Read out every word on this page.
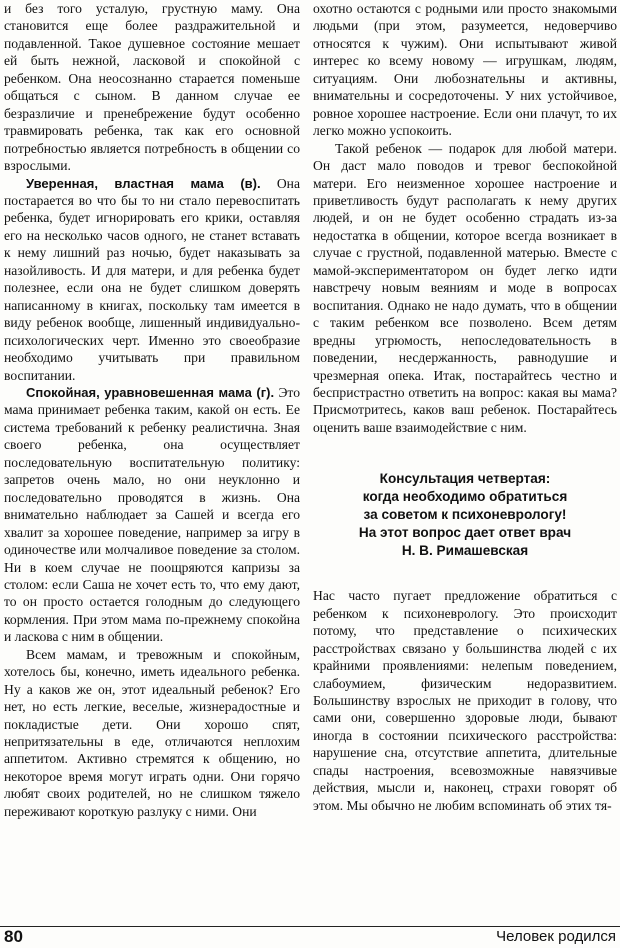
и без того усталую, грустную маму. Она становится еще более раздражительной и подавленной. Такое душевное состояние мешает ей быть нежной, ласковой и спокойной с ребенком. Она неосознанно старается поменьше общаться с сыном. В данном случае ее безразличие и пренебрежение будут особенно травмировать ребенка, так как его основной потребностью является потребность в общении со взрослыми.

Уверенная, властная мама (в). Она постарается во что бы то ни стало перевоспитать ребенка, будет игнорировать его крики, оставляя его на несколько часов одного, не станет вставать к нему лишний раз ночью, будет наказывать за назойливость. И для матери, и для ребенка будет полезнее, если она не будет слишком доверять написанному в книгах, поскольку там имеется в виду ребенок вообще, лишенный индивидуально-психологических черт. Именно это своеобразие необходимо учитывать при правильном воспитании.

Спокойная, уравновешенная мама (г). Это мама принимает ребенка таким, какой он есть. Ее система требований к ребенку реалистична. Зная своего ребенка, она осуществляет последовательную воспитательную политику: запретов очень мало, но они неуклонно и последовательно проводятся в жизнь. Она внимательно наблюдает за Сашей и всегда его хвалит за хорошее поведение, например за игру в одиночестве или молчаливое поведение за столом. Ни в коем случае не поощряются капризы за столом: если Саша не хочет есть то, что ему дают, то он просто остается голодным до следующего кормления. При этом мама по-прежнему спокойна и ласкова с ним в общении.

Всем мамам, и тревожным и спокойным, хотелось бы, конечно, иметь идеального ребенка. Ну а каков же он, этот идеальный ребенок? Его нет, но есть легкие, веселые, жизнерадостные и покладистые дети. Они хорошо спят, непритязательны в еде, отличаются неплохим аппетитом. Активно стремятся к общению, но некоторое время могут играть одни. Они горячо любят своих родителей, но не слишком тяжело переживают короткую разлуку с ними. Они

охотно остаются с родными или просто знакомыми людьми (при этом, разумеется, недоверчиво относятся к чужим). Они испытывают живой интерес ко всему новому — игрушкам, людям, ситуациям. Они любознательны и активны, внимательны и сосредоточены. У них устойчивое, ровное хорошее настроение. Если они плачут, то их легко можно успокоить.

Такой ребенок — подарок для любой матери. Он даст мало поводов и тревог беспокойной матери. Его неизменное хорошее настроение и приветливость будут располагать к нему других людей, и он не будет особенно страдать из-за недостатка в общении, которое всегда возникает в случае с грустной, подавленной матерью. Вместе с мамой-экспериментатором он будет легко идти навстречу новым веяниям и моде в вопросах воспитания. Однако не надо думать, что в общении с таким ребенком все позволено. Всем детям вредны угрюмость, непоследовательность в поведении, несдержанность, равнодушие и чрезмерная опека. Итак, постарайтесь честно и беспристрастно ответить на вопрос: какая вы мама? Присмотритесь, каков ваш ребенок. Постарайтесь оценить ваше взаимодействие с ним.

Консультация четвертая:
когда необходимо обратиться
за советом к психоневрологу!
На этот вопрос дает ответ врач
Н. В. Римашевская

Нас часто пугает предложение обратиться с ребенком к психоневрологу. Это происходит потому, что представление о психических расстройствах связано у большинства людей с их крайними проявлениями: нелепым поведением, слабоумием, физическим недоразвитием. Большинству взрослых не приходит в голову, что сами они, совершенно здоровые люди, бывают иногда в состоянии психического расстройства: нарушение сна, отсутствие аппетита, длительные спады настроения, всевозможные навязчивые действия, мысли и, наконец, страхи говорят об этом. Мы обычно не любим вспоминать об этих тя-

80	Человек родился
